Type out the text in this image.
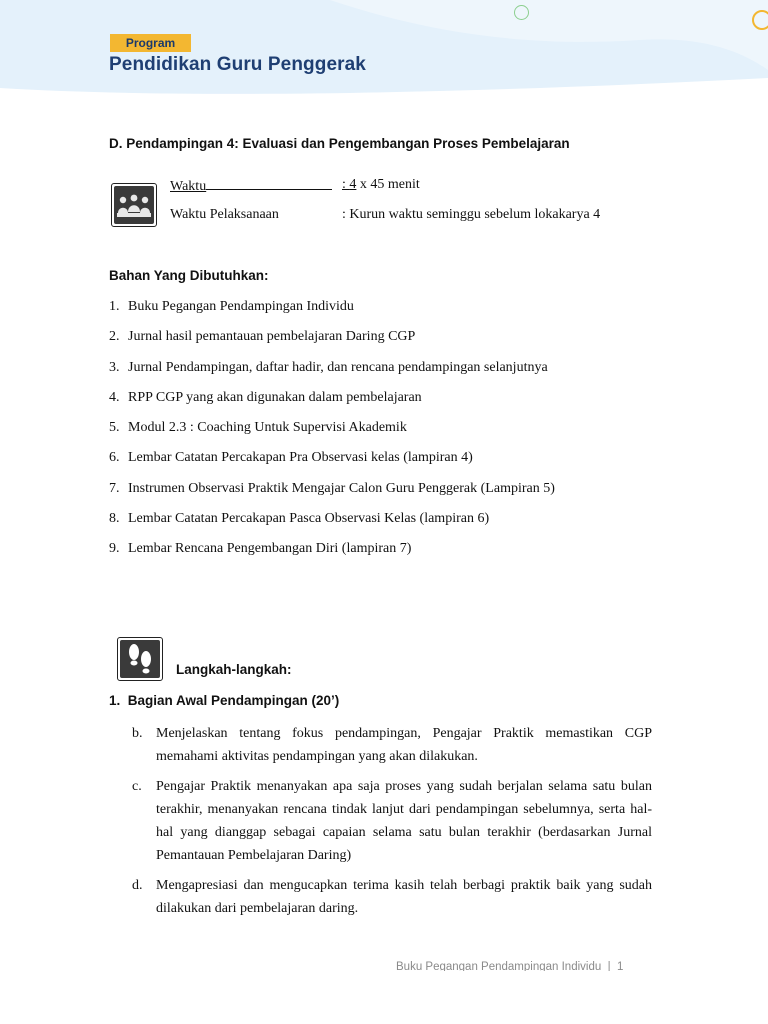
Program
Pendidikan Guru Penggerak
D. Pendampingan 4: Evaluasi dan Pengembangan Proses Pembelajaran
Waktu	: 4 x 45 menit
Waktu Pelaksanaan	: Kurun waktu seminggu sebelum lokakarya 4
Bahan Yang Dibutuhkan:
1. Buku Pegangan Pendampingan Individu
2. Jurnal hasil pemantauan pembelajaran Daring CGP
3. Jurnal Pendampingan, daftar hadir, dan rencana pendampingan selanjutnya
4. RPP CGP yang akan digunakan dalam pembelajaran
5. Modul 2.3 : Coaching Untuk Supervisi Akademik
6. Lembar Catatan Percakapan Pra Observasi kelas (lampiran 4)
7. Instrumen Observasi Praktik Mengajar Calon Guru Penggerak (Lampiran 5)
8. Lembar Catatan Percakapan Pasca Observasi Kelas (lampiran 6)
9. Lembar Rencana Pengembangan Diri (lampiran 7)
Langkah-langkah:
1.  Bagian Awal Pendampingan (20’)
b. Menjelaskan tentang fokus pendampingan, Pengajar Praktik memastikan CGP memahami aktivitas pendampingan yang akan dilakukan.
c. Pengajar Praktik menanyakan apa saja proses yang sudah berjalan selama satu bulan terakhir, menanyakan rencana tindak lanjut dari pendampingan sebelumnya, serta hal-hal yang dianggap sebagai capaian selama satu bulan terakhir (berdasarkan Jurnal Pemantauan Pembelajaran Daring)
d. Mengapresiasi dan mengucapkan terima kasih telah berbagi praktik baik yang sudah dilakukan dari pembelajaran daring.
Buku Pegangan Pendampingan Individu  |  1
